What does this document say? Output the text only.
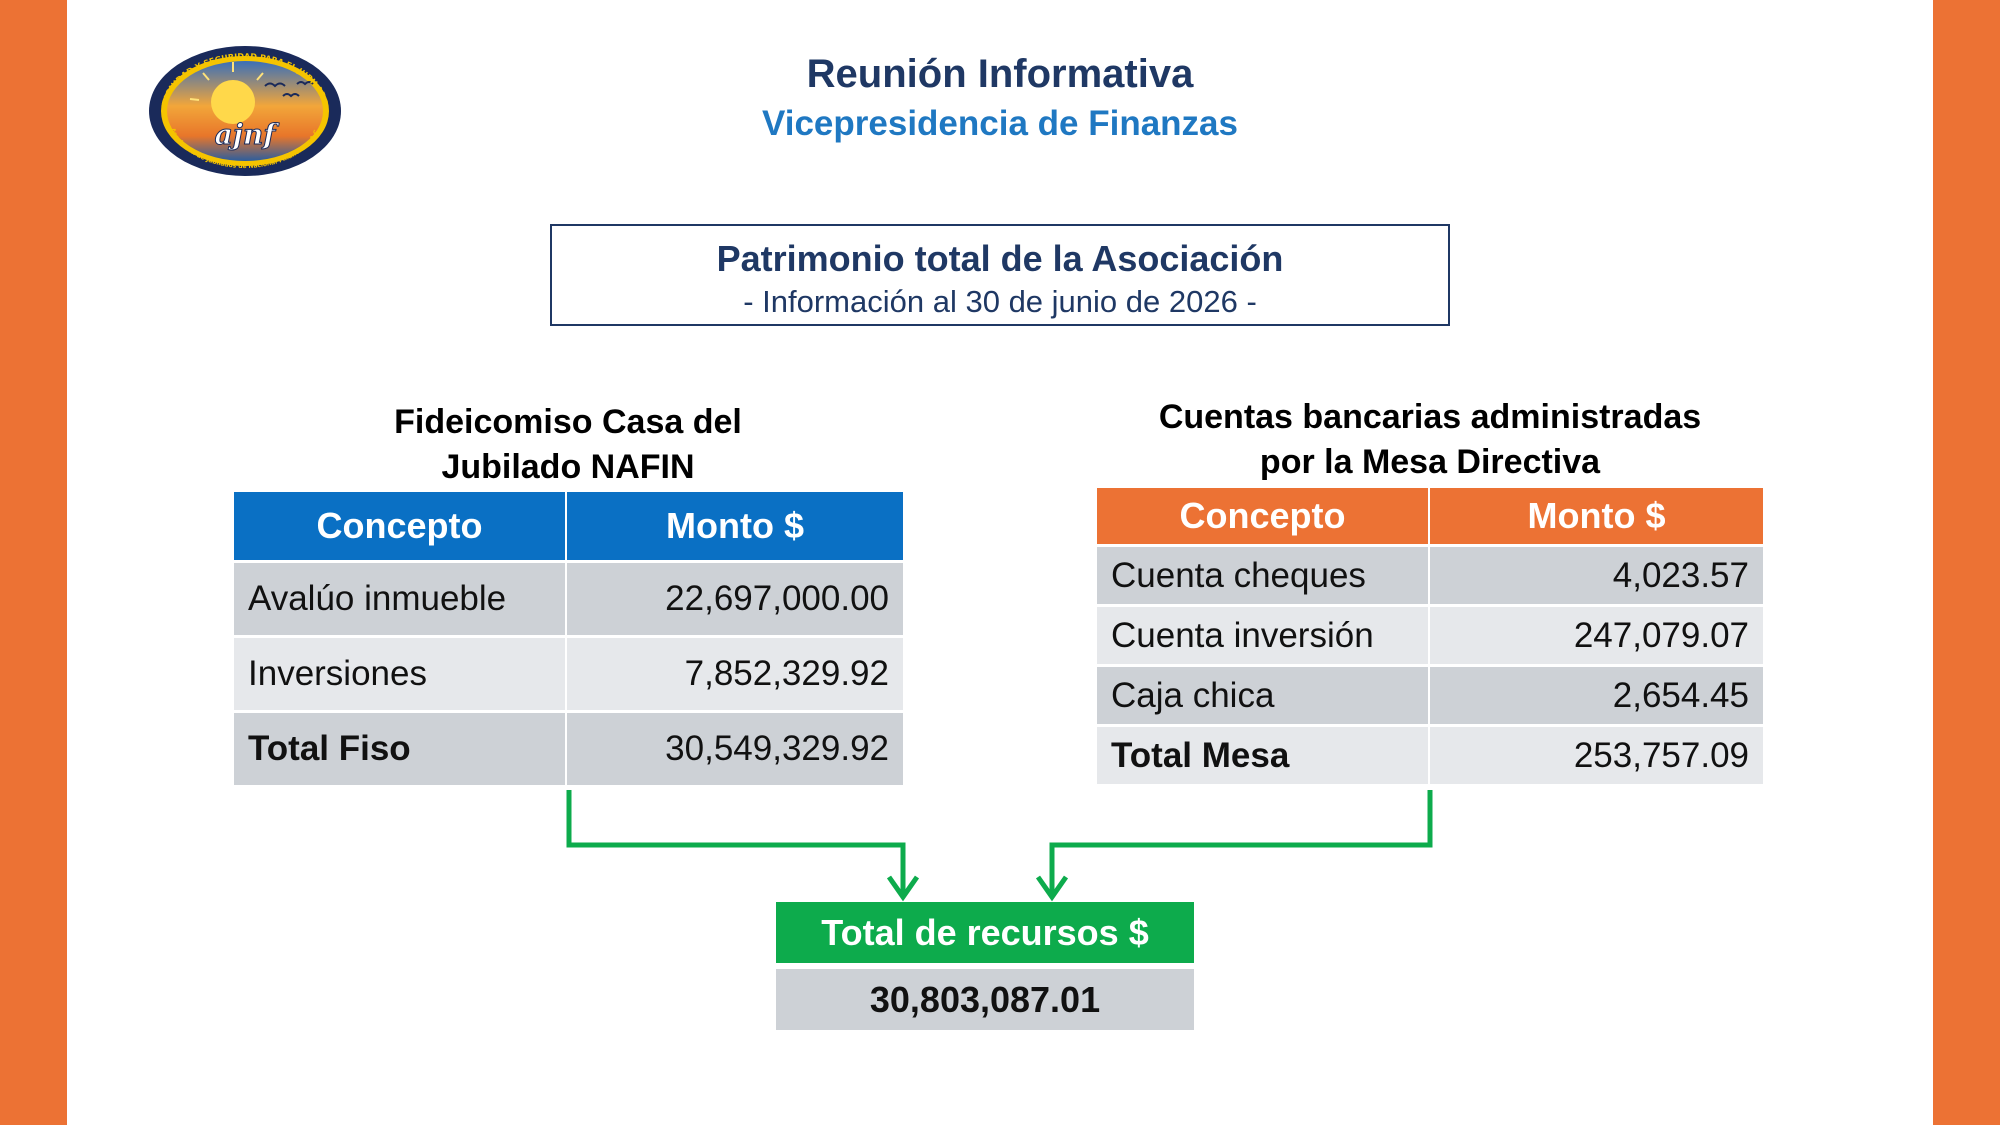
ajnf
DIGNIDAD Y SEGURIDAD PARA EL JUBILADO
Asociación de Jubilados de Nacional Financiera, A.C.
Reunión Informativa
Vicepresidencia de Finanzas
Patrimonio total de la Asociación
- Información al 30 de junio de 2026 -
Fideicomiso Casa del
Jubilado NAFIN
Concepto	Monto $
Avalúo inmueble	22,697,000.00
Inversiones	7,852,329.92
Total Fiso	30,549,329.92
Cuentas bancarias administradas
por la Mesa Directiva
Concepto	Monto $
Cuenta cheques	4,023.57
Cuenta inversión	247,079.07
Caja chica	2,654.45
Total Mesa	253,757.09
Total de recursos $
30,803,087.01
